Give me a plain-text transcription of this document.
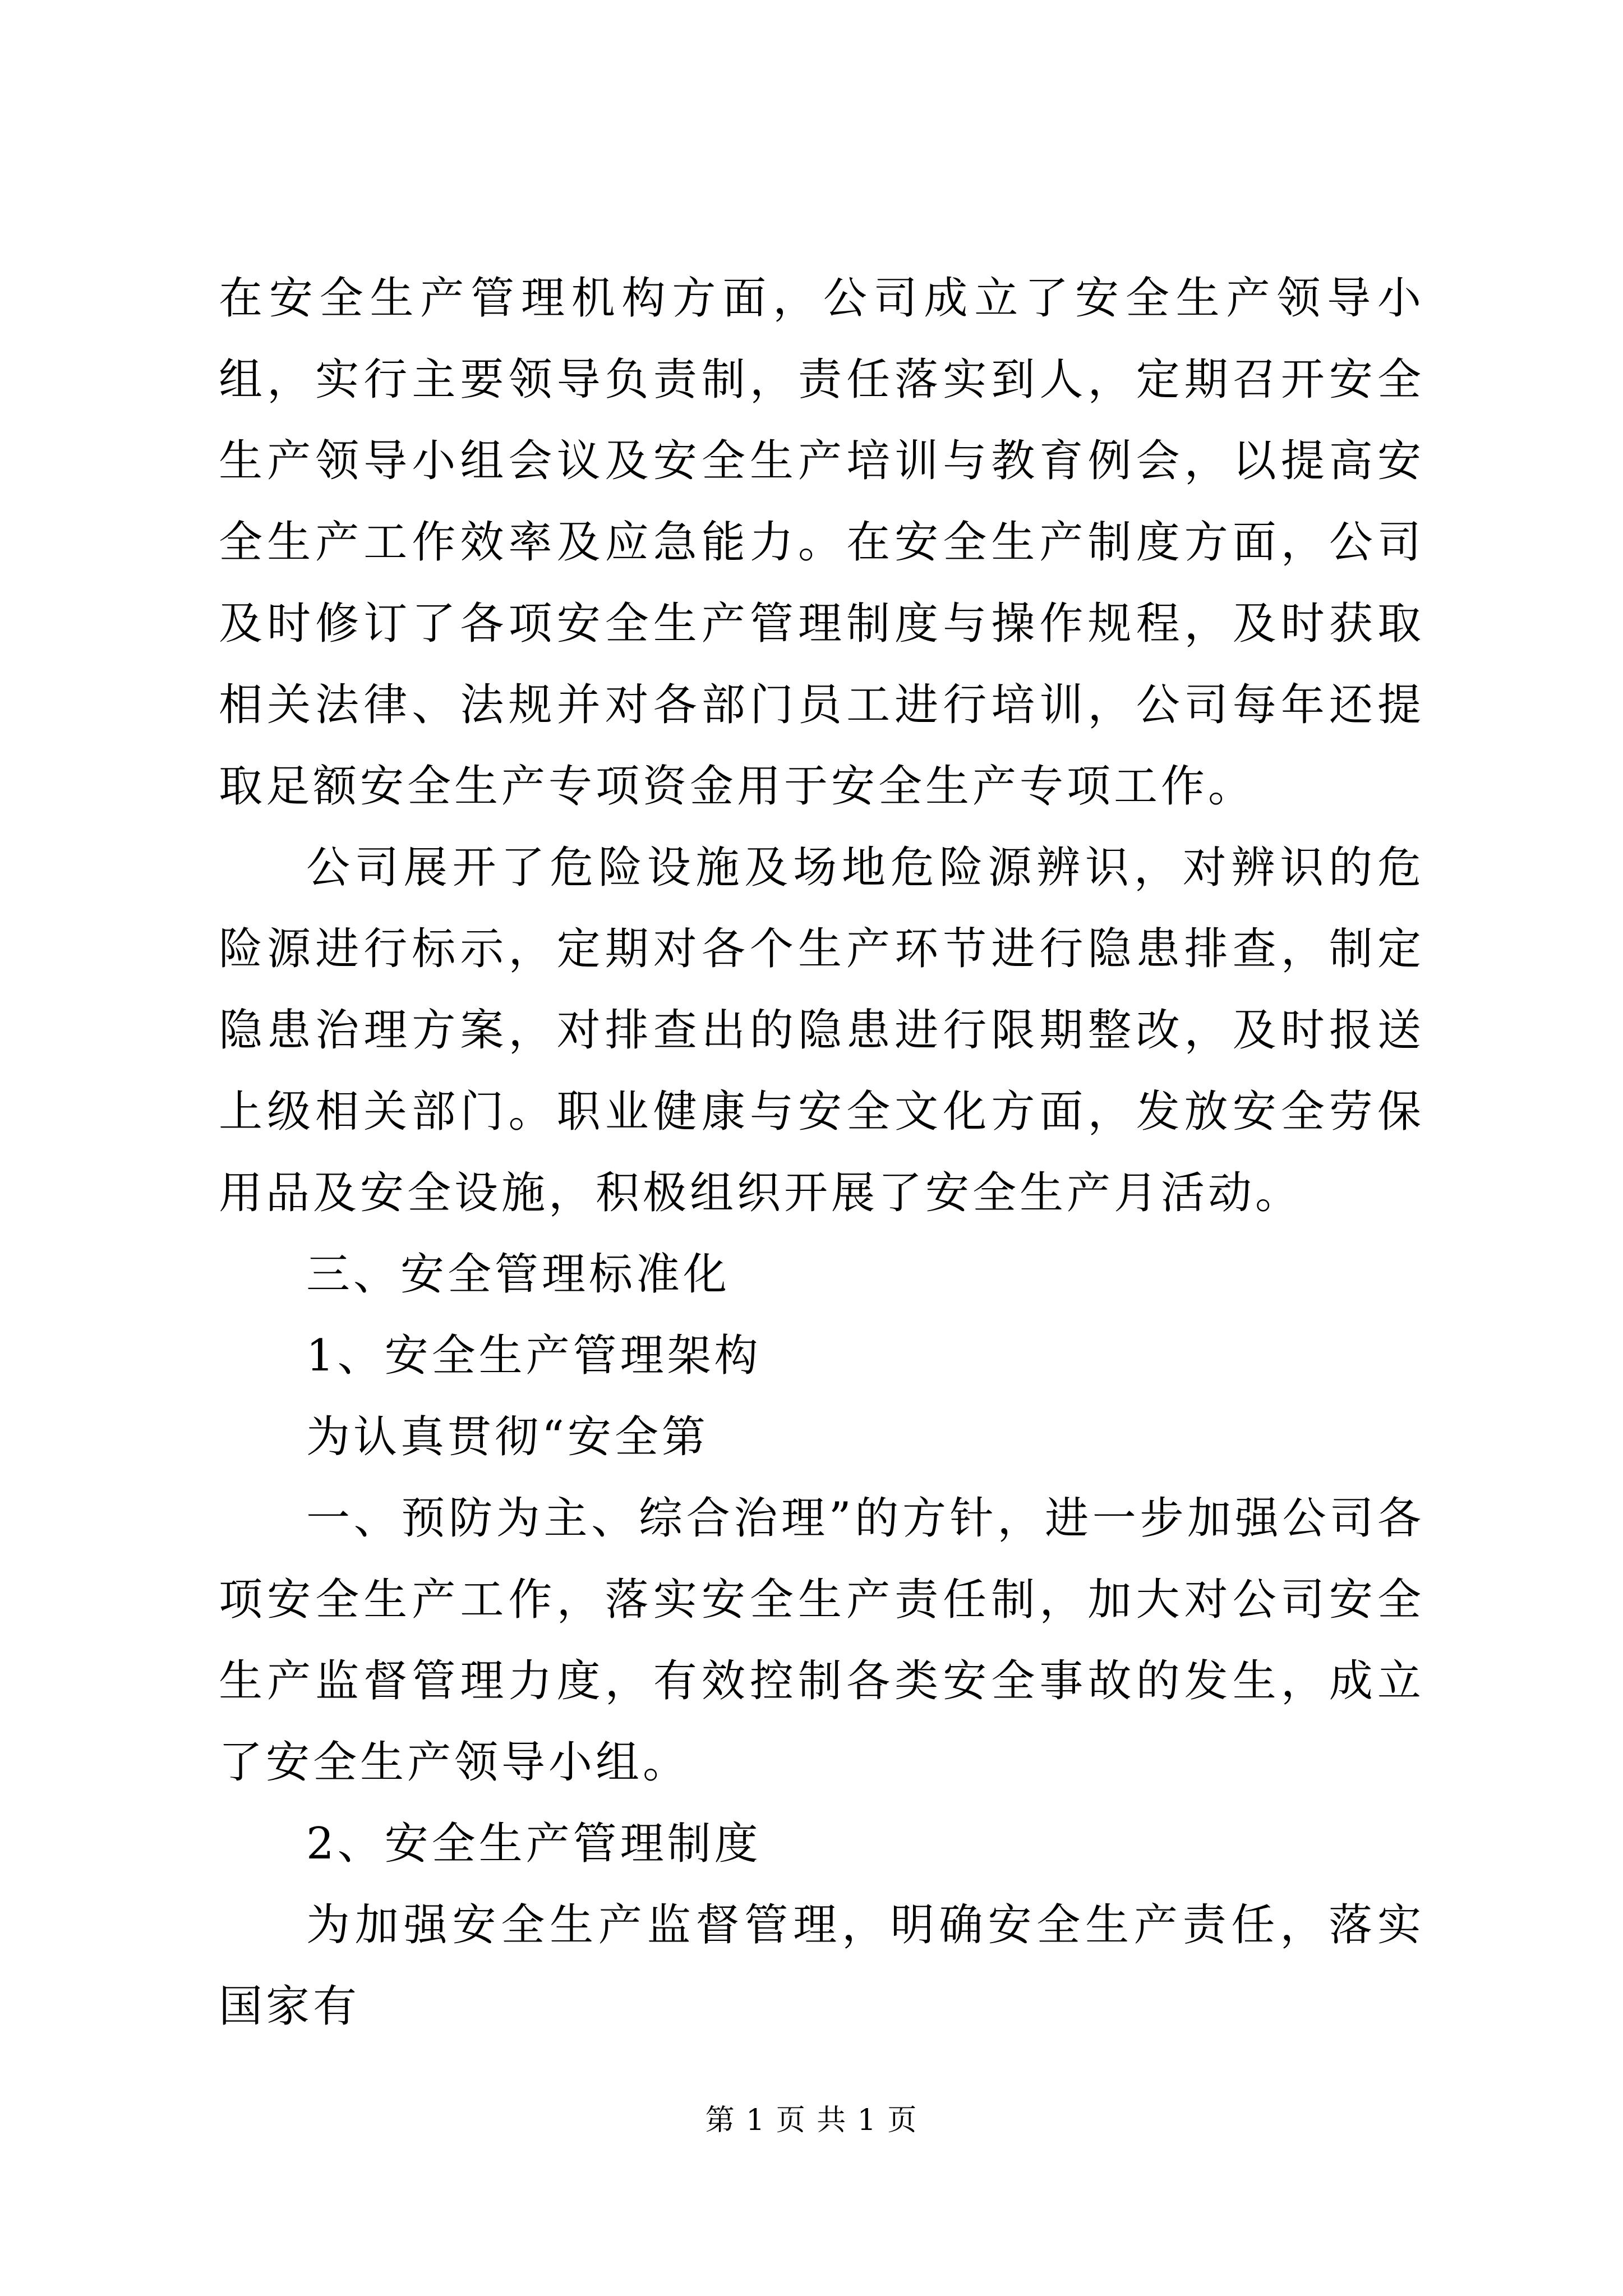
在安全生产管理机构方面，公司成立了安全生产领导小组，实行主要领导负责制，责任落实到人，定期召开安全生产领导小组会议及安全生产培训与教育例会，以提高安全生产工作效率及应急能力。在安全生产制度方面，公司及时修订了各项安全生产管理制度与操作规程，及时获取相关法律、法规并对各部门员工进行培训，公司每年还提取足额安全生产专项资金用于安全生产专项工作。

公司展开了危险设施及场地危险源辨识，对辨识的危险源进行标示，定期对各个生产环节进行隐患排查，制定隐患治理方案，对排查出的隐患进行限期整改，及时报送上级相关部门。职业健康与安全文化方面，发放安全劳保用品及安全设施，积极组织开展了安全生产月活动。

三、安全管理标准化

1、安全生产管理架构

为认真贯彻“安全第

一、预防为主、综合治理”的方针，进一步加强公司各项安全生产工作，落实安全生产责任制，加大对公司安全生产监督管理力度，有效控制各类安全事故的发生，成立了安全生产领导小组。

2、安全生产管理制度

为加强安全生产监督管理，明确安全生产责任，落实国家有

第 1 页 共 1 页
